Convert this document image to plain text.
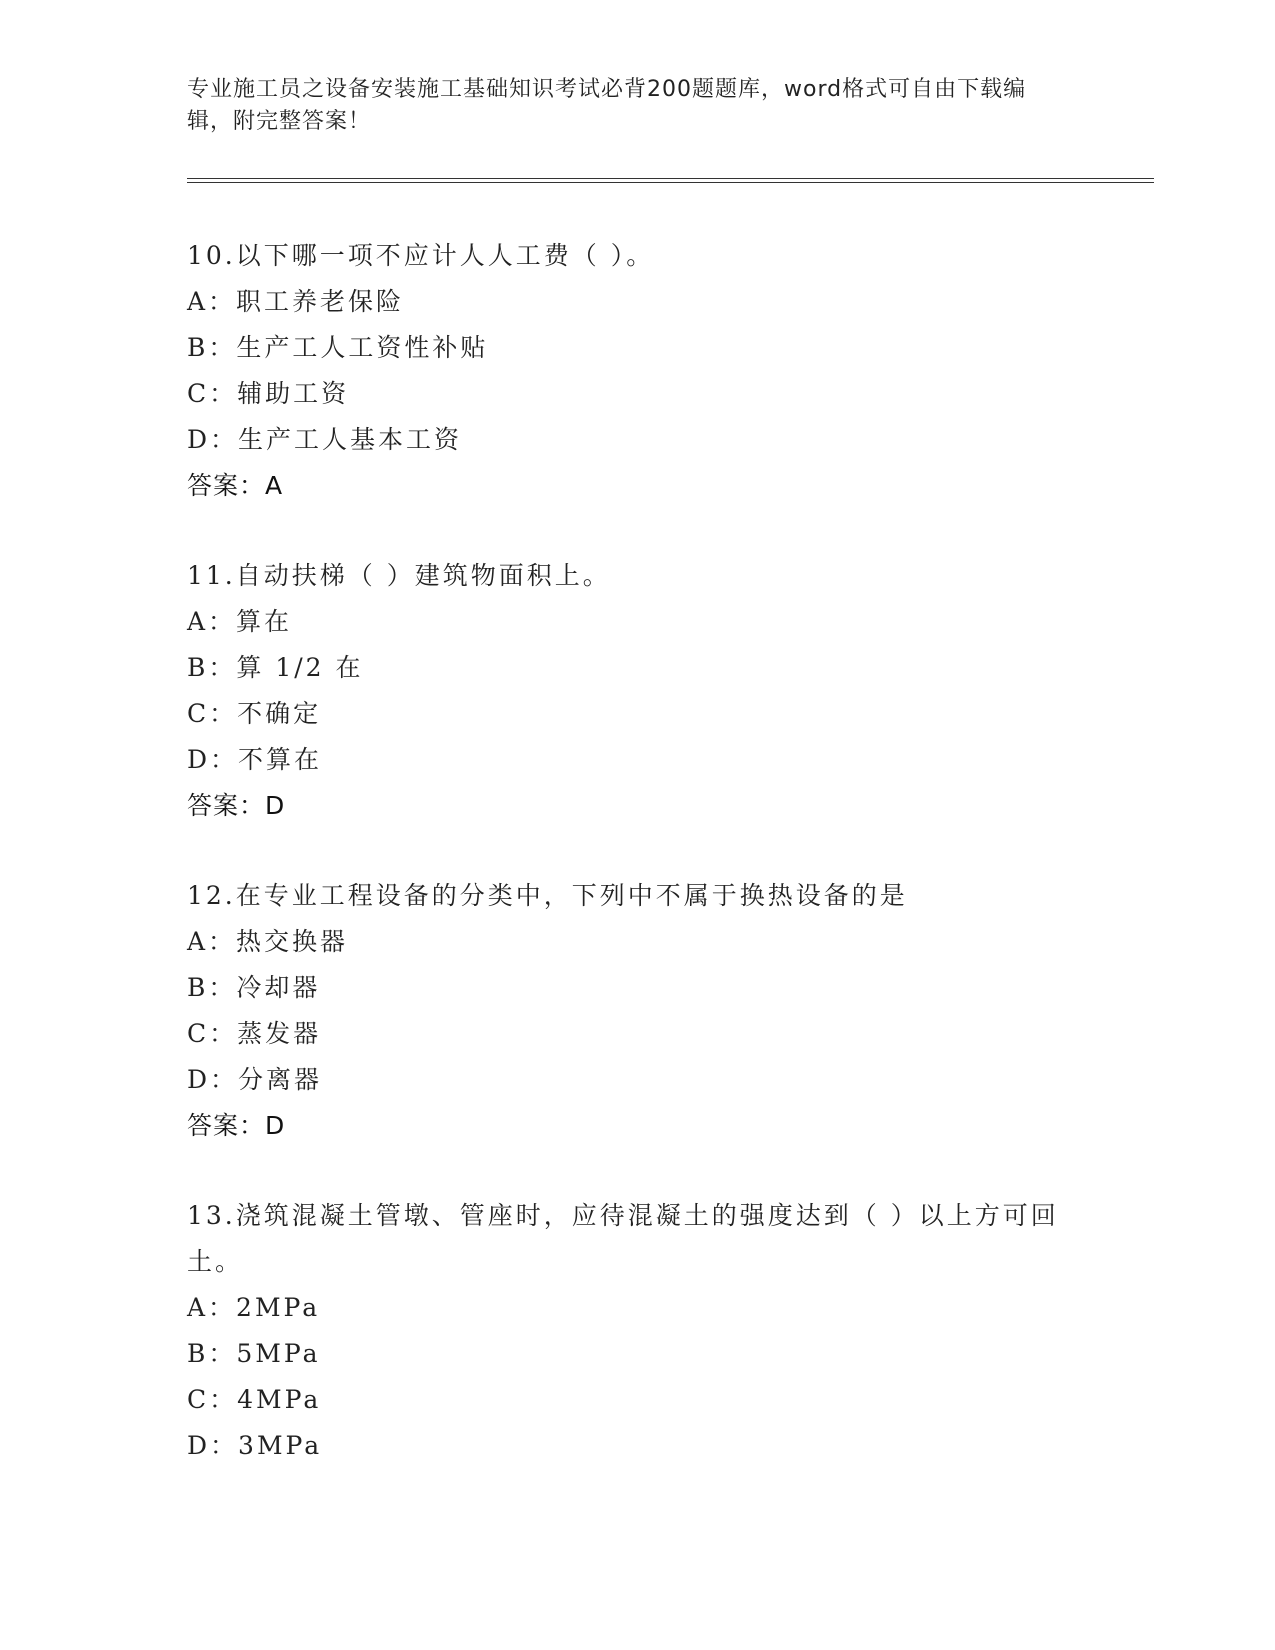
专业施工员之设备安装施工基础知识考试必背200题题库，word格式可自由下载编辑，附完整答案！
10.以下哪一项不应计人人工费（ ）。
A：职工养老保险
B：生产工人工资性补贴
C：辅助工资
D：生产工人基本工资
答案：A
11.自动扶梯（ ）建筑物面积上。
A：算在
B：算 1/2 在
C：不确定
D：不算在
答案：D
12.在专业工程设备的分类中，下列中不属于换热设备的是
A：热交换器
B：冷却器
C：蒸发器
D：分离器
答案：D
13.浇筑混凝土管墩、管座时，应待混凝土的强度达到（ ）以上方可回土。
A：2MPa
B：5MPa
C：4MPa
D：3MPa
